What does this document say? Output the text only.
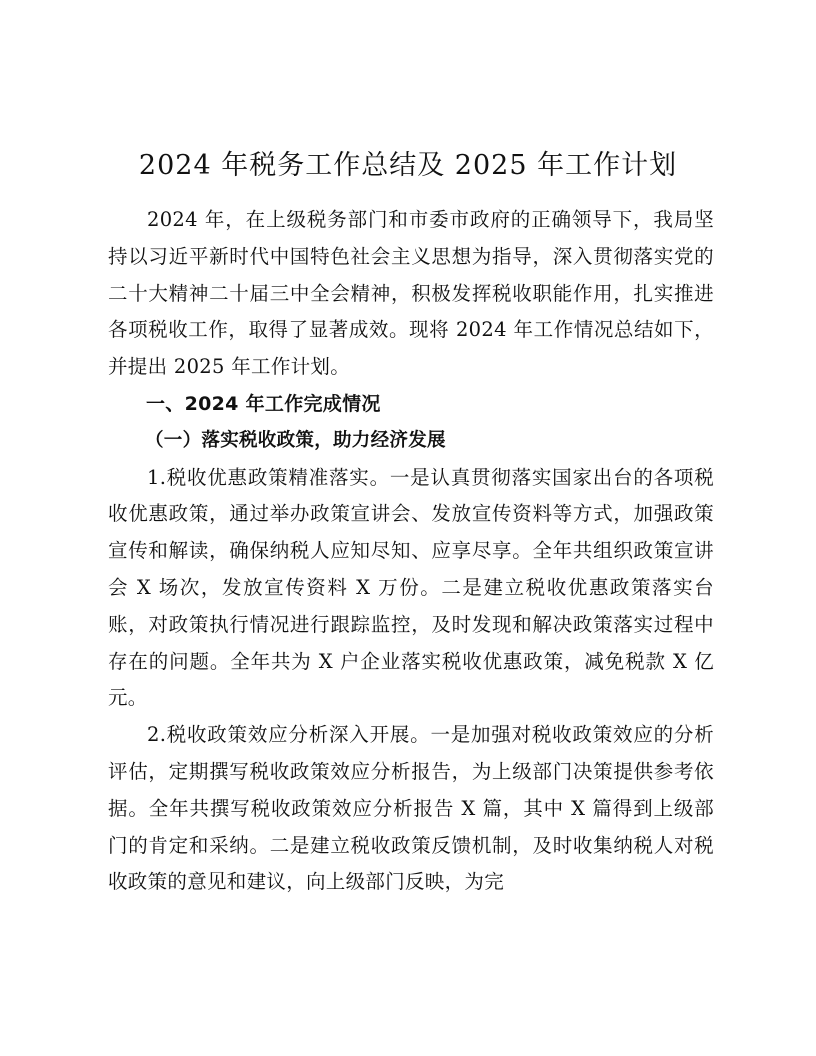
2024 年税务工作总结及 2025 年工作计划

2024 年，在上级税务部门和市委市政府的正确领导下，我局坚持以习近平新时代中国特色社会主义思想为指导，深入贯彻落实党的二十大精神二十届三中全会精神，积极发挥税收职能作用，扎实推进各项税收工作，取得了显著成效。现将 2024 年工作情况总结如下，并提出 2025 年工作计划。

一、2024 年工作完成情况

（一）落实税收政策，助力经济发展

1.税收优惠政策精准落实。一是认真贯彻落实国家出台的各项税收优惠政策，通过举办政策宣讲会、发放宣传资料等方式，加强政策宣传和解读，确保纳税人应知尽知、应享尽享。全年共组织政策宣讲会 X 场次，发放宣传资料 X 万份。二是建立税收优惠政策落实台账，对政策执行情况进行跟踪监控，及时发现和解决政策落实过程中存在的问题。全年共为 X 户企业落实税收优惠政策，减免税款 X 亿元。

2.税收政策效应分析深入开展。一是加强对税收政策效应的分析评估，定期撰写税收政策效应分析报告，为上级部门决策提供参考依据。全年共撰写税收政策效应分析报告 X 篇，其中 X 篇得到上级部门的肯定和采纳。二是建立税收政策反馈机制，及时收集纳税人对税收政策的意见和建议，向上级部门反映，为完
